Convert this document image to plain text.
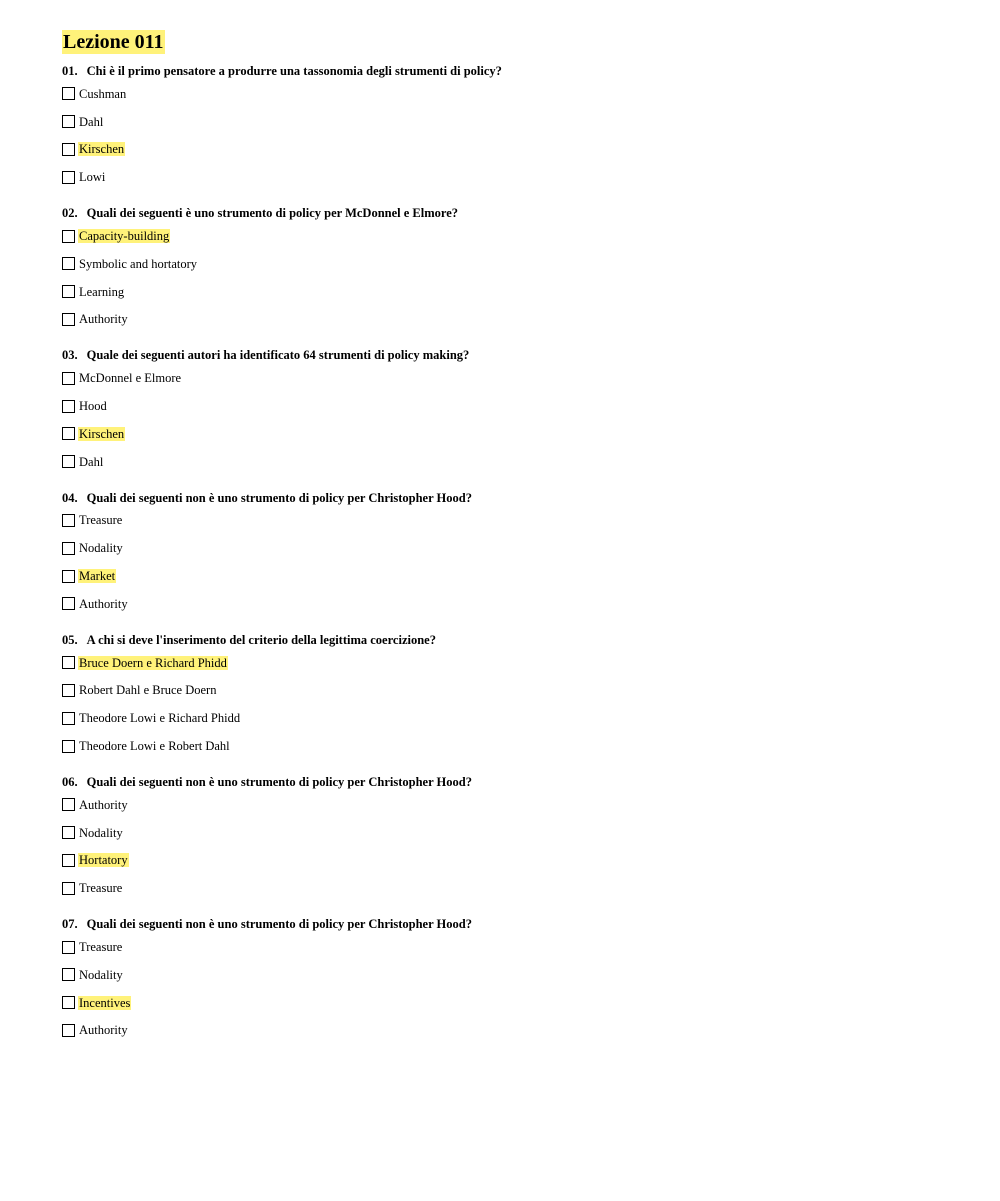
Lezione 011
01. Chi è il primo pensatore a produrre una tassonomia degli strumenti di policy?
Cushman
Dahl
Kirschen
Lowi
02. Quali dei seguenti è uno strumento di policy per McDonnel e Elmore?
Capacity-building
Symbolic and hortatory
Learning
Authority
03. Quale dei seguenti autori ha identificato 64 strumenti di policy making?
McDonnel e Elmore
Hood
Kirschen
Dahl
04. Quali dei seguenti non è uno strumento di policy per Christopher Hood?
Treasure
Nodality
Market
Authority
05. A chi si deve l'inserimento del criterio della legittima coercizione?
Bruce Doern e Richard Phidd
Robert Dahl e Bruce Doern
Theodore Lowi e Richard Phidd
Theodore Lowi e Robert Dahl
06. Quali dei seguenti non è uno strumento di policy per Christopher Hood?
Authority
Nodality
Hortatory
Treasure
07. Quali dei seguenti non è uno strumento di policy per Christopher Hood?
Treasure
Nodality
Incentives
Authority
